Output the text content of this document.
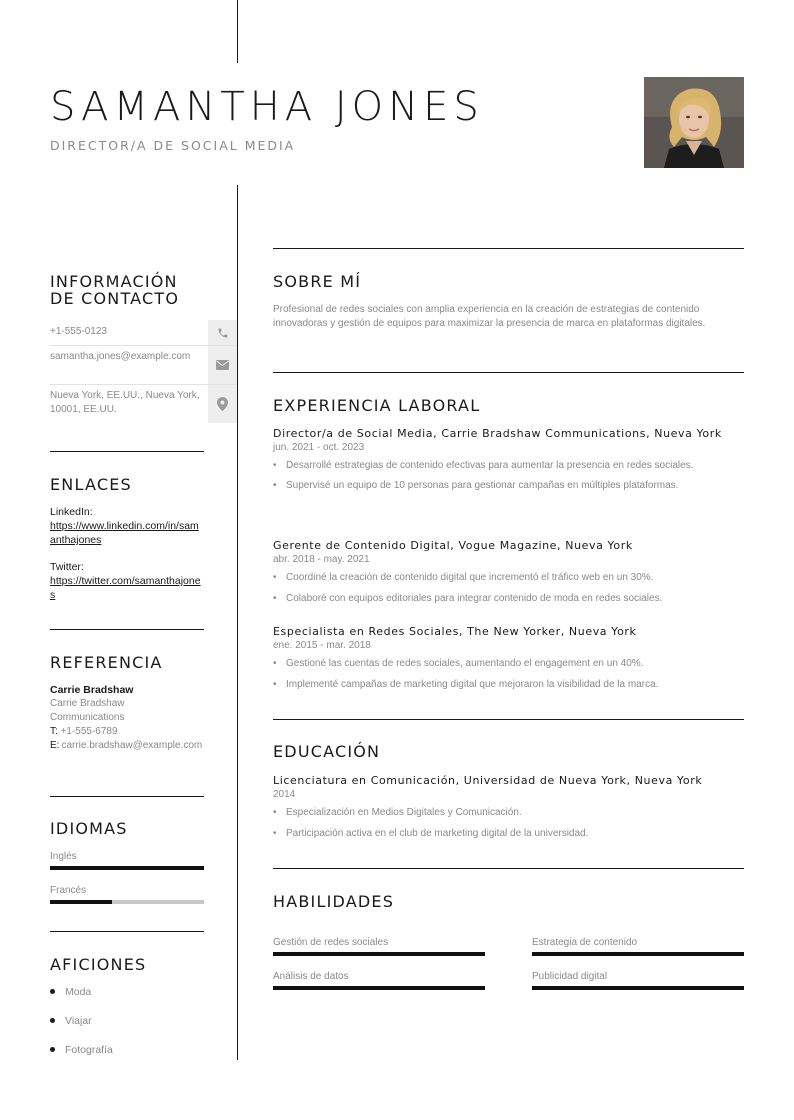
SAMANTHA JONES
DIRECTOR/A DE SOCIAL MEDIA
INFORMACIÓN
DE CONTACTO
+1-555-0123
samantha.jones@example.com
Nueva York, EE.UU., Nueva York, 10001, EE.UU.
ENLACES
LinkedIn:
https://www.linkedin.com/in/samanthajones
Twitter:
https://twitter.com/samanthajones
REFERENCIA
Carrie Bradshaw
Carrie Bradshaw
Communications
T: +1-555-6789
E: carrie.bradshaw@example.com
IDIOMAS
Inglés
Francés
AFICIONES
Moda
Viajar
Fotografía
SOBRE MÍ
Profesional de redes sociales con amplia experiencia en la creación de estrategias de contenido innovadoras y gestión de equipos para maximizar la presencia de marca en plataformas digitales.
EXPERIENCIA LABORAL
Director/a de Social Media, Carrie Bradshaw Communications, Nueva York
jun. 2021 - oct. 2023
• Desarrollé estrategias de contenido efectivas para aumentar la presencia en redes sociales.
• Supervisé un equipo de 10 personas para gestionar campañas en múltiples plataformas.
Gerente de Contenido Digital, Vogue Magazine, Nueva York
abr. 2018 - may. 2021
• Coordiné la creación de contenido digital que incrementó el tráfico web en un 30%.
• Colaboré con equipos editoriales para integrar contenido de moda en redes sociales.
Especialista en Redes Sociales, The New Yorker, Nueva York
ene. 2015 - mar. 2018
• Gestioné las cuentas de redes sociales, aumentando el engagement en un 40%.
• Implementé campañas de marketing digital que mejoraron la visibilidad de la marca.
EDUCACIÓN
Licenciatura en Comunicación, Universidad de Nueva York, Nueva York
2014
• Especialización en Medios Digitales y Comunicación.
• Participación activa en el club de marketing digital de la universidad.
HABILIDADES
Gestión de redes sociales	Estrategia de contenido
Análisis de datos	Publicidad digital
